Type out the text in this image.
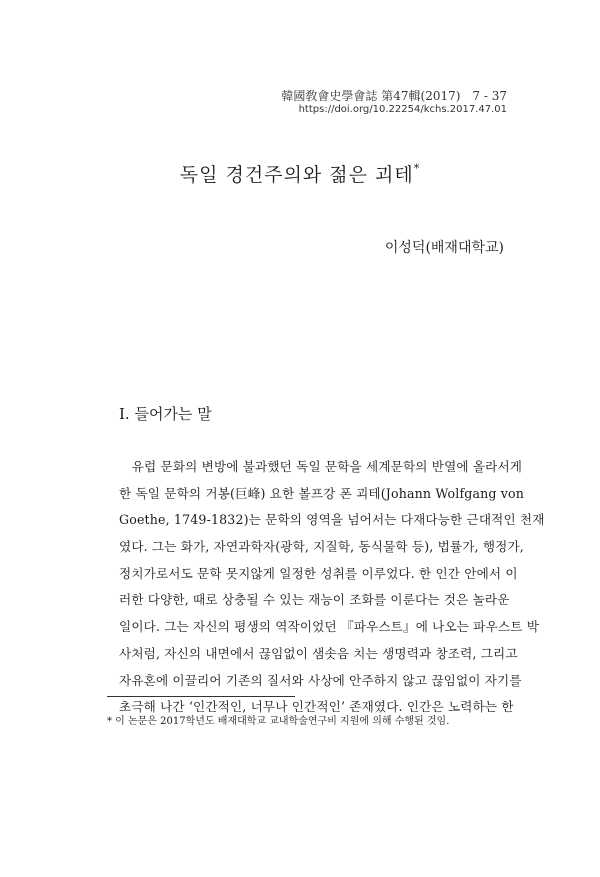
韓國敎會史學會誌 第47輯(2017)　7 - 37
https://doi.org/10.22254/kchs.2017.47.01
독일 경건주의와 젊은 괴테*
이성덕(배재대학교)
I. 들어가는 말
　유럽 문화의 변방에 불과했던 독일 문학을 세계문학의 반열에 올라서게
한 독일 문학의 거봉(巨峰) 요한 볼프강 폰 괴테(Johann Wolfgang von
Goethe, 1749-1832)는 문학의 영역을 넘어서는 다재다능한 근대적인 천재
였다. 그는 화가, 자연과학자(광학, 지질학, 동식물학 등), 법률가, 행정가,
정치가로서도 문학 못지않게 일정한 성취를 이루었다. 한 인간 안에서 이
러한 다양한, 때로 상충될 수 있는 재능이 조화를 이룬다는 것은 놀라운
일이다. 그는 자신의 평생의 역작이었던 『파우스트』에 나오는 파우스트 박
사처럼, 자신의 내면에서 끊임없이 샘솟음 치는 생명력과 창조력, 그리고
자유혼에 이끌리어 기존의 질서와 사상에 안주하지 않고 끊임없이 자기를
초극해 나간 ‘인간적인, 너무나 인간적인’ 존재였다. 인간은 노력하는 한
* 이 논문은 2017학년도 배재대학교 교내학술연구비 지원에 의해 수행된 것임.
